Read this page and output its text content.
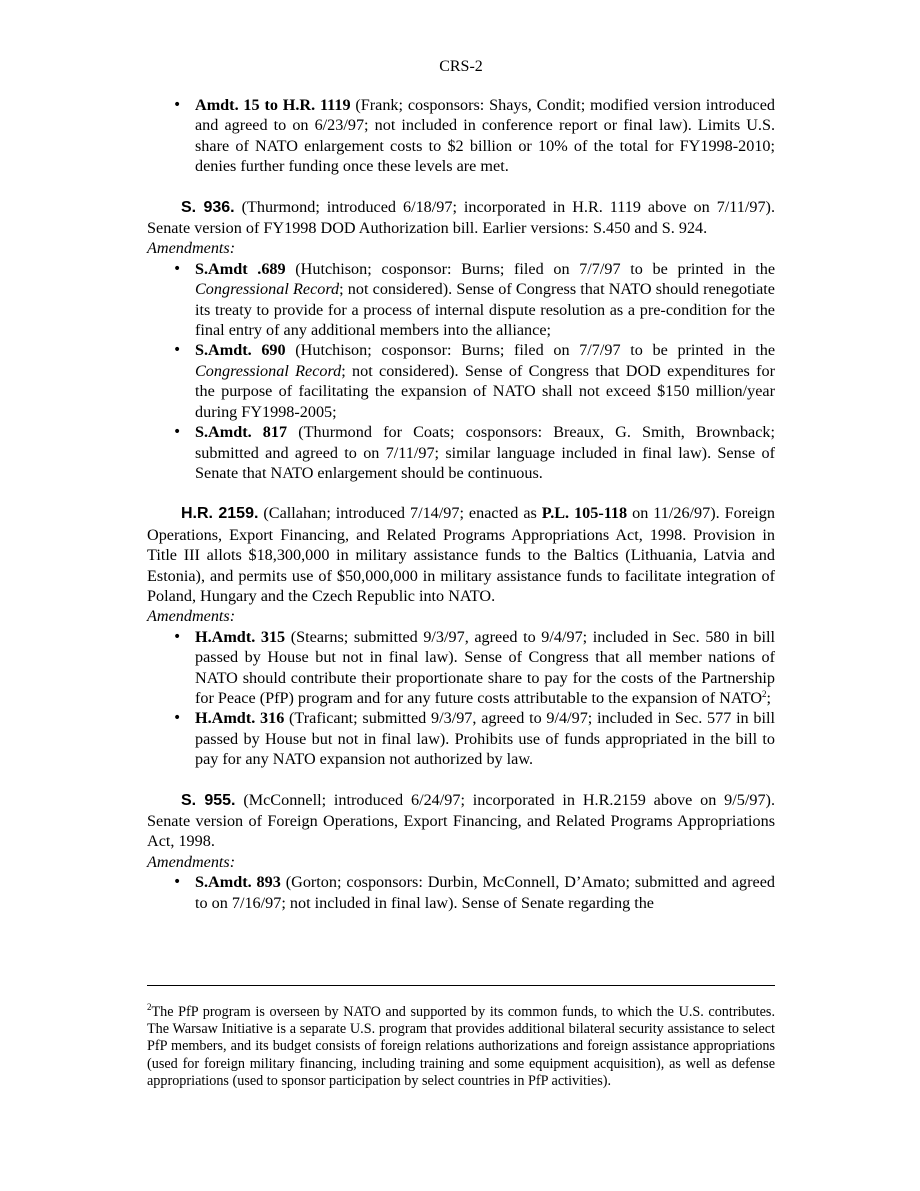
CRS-2
• Amdt. 15 to H.R. 1119 (Frank; cosponsors: Shays, Condit; modified version introduced and agreed to on 6/23/97; not included in conference report or final law). Limits U.S. share of NATO enlargement costs to $2 billion or 10% of the total for FY1998-2010; denies further funding once these levels are met.

S. 936. (Thurmond; introduced 6/18/97; incorporated in H.R. 1119 above on 7/11/97). Senate version of FY1998 DOD Authorization bill. Earlier versions: S.450 and S. 924.

Amendments:

• S.Amdt .689 (Hutchison; cosponsor: Burns; filed on 7/7/97 to be printed in the Congressional Record; not considered). Sense of Congress that NATO should renegotiate its treaty to provide for a process of internal dispute resolution as a pre-condition for the final entry of any additional members into the alliance;
• S.Amdt. 690 (Hutchison; cosponsor: Burns; filed on 7/7/97 to be printed in the Congressional Record; not considered). Sense of Congress that DOD expenditures for the purpose of facilitating the expansion of NATO shall not exceed $150 million/year during FY1998-2005;
• S.Amdt. 817 (Thurmond for Coats; cosponsors: Breaux, G. Smith, Brownback; submitted and agreed to on 7/11/97; similar language included in final law). Sense of Senate that NATO enlargement should be continuous.

H.R. 2159. (Callahan; introduced 7/14/97; enacted as P.L. 105-118 on 11/26/97). Foreign Operations, Export Financing, and Related Programs Appropriations Act, 1998. Provision in Title III allots $18,300,000 in military assistance funds to the Baltics (Lithuania, Latvia and Estonia), and permits use of $50,000,000 in military assistance funds to facilitate integration of Poland, Hungary and the Czech Republic into NATO.

Amendments:

• H.Amdt. 315 (Stearns; submitted 9/3/97, agreed to 9/4/97; included in Sec. 580 in bill passed by House but not in final law). Sense of Congress that all member nations of NATO should contribute their proportionate share to pay for the costs of the Partnership for Peace (PfP) program and for any future costs attributable to the expansion of NATO$^2$;
• H.Amdt. 316 (Traficant; submitted 9/3/97, agreed to 9/4/97; included in Sec. 577 in bill passed by House but not in final law). Prohibits use of funds appropriated in the bill to pay for any NATO expansion not authorized by law.

S. 955. (McConnell; introduced 6/24/97; incorporated in H.R.2159 above on 9/5/97). Senate version of Foreign Operations, Export Financing, and Related Programs Appropriations Act, 1998.

Amendments:

• S.Amdt. 893 (Gorton; cosponsors: Durbin, McConnell, D’Amato; submitted and agreed to on 7/16/97; not included in final law). Sense of Senate regarding the
$^2$The PfP program is overseen by NATO and supported by its common funds, to which the U.S. contributes. The Warsaw Initiative is a separate U.S. program that provides additional bilateral security assistance to select PfP members, and its budget consists of foreign relations authorizations and foreign assistance appropriations (used for foreign military financing, including training and some equipment acquisition), as well as defense appropriations (used to sponsor participation by select countries in PfP activities).
